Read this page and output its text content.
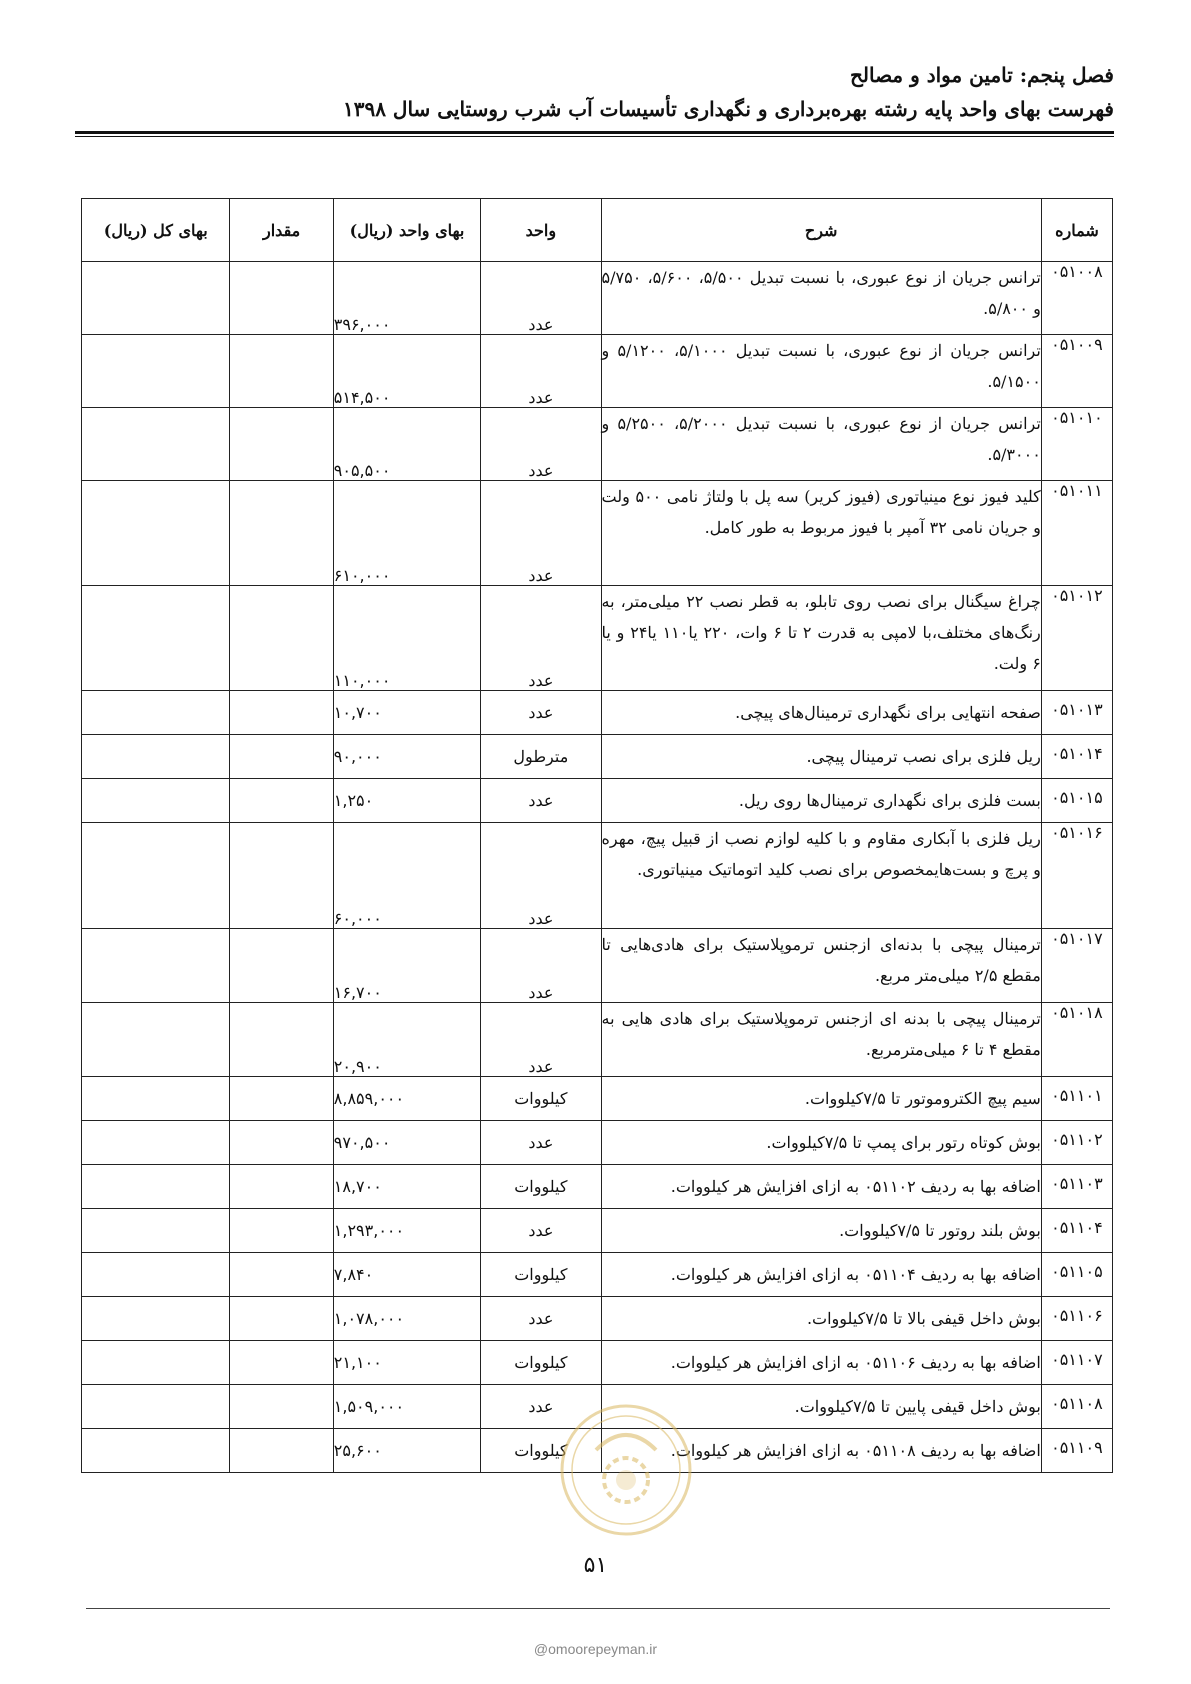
فصل پنجم: تامین مواد و مصالح
فهرست بهای واحد پایه رشته بهره‌برداری و نگهداری تأسیسات آب شرب روستایی سال ۱۳۹۸
شماره	شرح	واحد	بهای واحد (ریال)	مقدار	بهای کل (ریال)
۰۵۱۰۰۸	ترانس جریان از نوع عبوری، با نسبت تبدیل ۵/۵۰۰، ۵/۶۰۰، ۵/۷۵۰ و ۵/۸۰۰.	عدد	۳۹۶,۰۰۰		
۰۵۱۰۰۹	ترانس جریان از نوع عبوری، با نسبت تبدیل ۵/۱۰۰۰، ۵/۱۲۰۰ و ۵/۱۵۰۰.	عدد	۵۱۴,۵۰۰		
۰۵۱۰۱۰	ترانس جریان از نوع عبوری، با نسبت تبدیل ۵/۲۰۰۰، ۵/۲۵۰۰ و ۵/۳۰۰۰.	عدد	۹۰۵,۵۰۰		
۰۵۱۰۱۱	کلید فیوز نوع مینیاتوری (فیوز کریر) سه پل با ولتاژ نامی ۵۰۰ ولت و جریان نامی ۳۲ آمپر با فیوز مربوط به طور کامل.	عدد	۶۱۰,۰۰۰		
۰۵۱۰۱۲	چراغ سیگنال برای نصب روی تابلو، به قطر نصب ۲۲ میلی‌متر، به رنگ‌های مختلف،با لامپی به قدرت ۲ تا ۶ وات، ۲۲۰ یا۱۱۰ یا۲۴ و یا ۶ ولت.	عدد	۱۱۰,۰۰۰		
۰۵۱۰۱۳	صفحه انتهایی برای نگهداری ترمینال‌های پیچی.	عدد	۱۰,۷۰۰		
۰۵۱۰۱۴	ریل فلزی برای نصب ترمینال پیچی.	مترطول	۹۰,۰۰۰		
۰۵۱۰۱۵	بست فلزی برای نگهداری ترمینال‌ها روی ریل.	عدد	۱,۲۵۰		
۰۵۱۰۱۶	ریل فلزی با آبکاری مقاوم و با کلیه لوازم نصب از قبیل پیچ، مهره و پرچ و بست‌هایمخصوص برای نصب کلید اتوماتیک مینیاتوری.	عدد	۶۰,۰۰۰		
۰۵۱۰۱۷	ترمینال پیچی با بدنه‌ای ازجنس ترموپلاستیک برای هادی‌هایی تا مقطع ۲/۵ میلی‌متر مربع.	عدد	۱۶,۷۰۰		
۰۵۱۰۱۸	ترمینال پیچی با بدنه ای ازجنس ترموپلاستیک برای هادی هایی به مقطع ۴ تا ۶ میلی‌مترمربع.	عدد	۲۰,۹۰۰		
۰۵۱۱۰۱	سیم پیچ الکتروموتور تا ۷/۵کیلووات.	کیلووات	۸,۸۵۹,۰۰۰		
۰۵۱۱۰۲	بوش کوتاه رتور برای پمپ تا ۷/۵کیلووات.	عدد	۹۷۰,۵۰۰		
۰۵۱۱۰۳	اضافه بها به ردیف ۰۵۱۱۰۲ به ازای افزایش هر کیلووات.	کیلووات	۱۸,۷۰۰		
۰۵۱۱۰۴	بوش بلند روتور تا ۷/۵کیلووات.	عدد	۱,۲۹۳,۰۰۰		
۰۵۱۱۰۵	اضافه بها به ردیف ۰۵۱۱۰۴ به ازای افزایش هر کیلووات.	کیلووات	۷,۸۴۰		
۰۵۱۱۰۶	بوش داخل قیفی بالا تا ۷/۵کیلووات.	عدد	۱,۰۷۸,۰۰۰		
۰۵۱۱۰۷	اضافه بها به ردیف ۰۵۱۱۰۶ به ازای افزایش هر کیلووات.	کیلووات	۲۱,۱۰۰		
۰۵۱۱۰۸	بوش داخل قیفی پایین تا ۷/۵کیلووات.	عدد	۱,۵۰۹,۰۰۰		
۰۵۱۱۰۹	اضافه بها به ردیف ۰۵۱۱۰۸ به ازای افزایش هر کیلووات.	کیلووات	۲۵,۶۰۰		
۵۱
@omoorepeyman.ir
